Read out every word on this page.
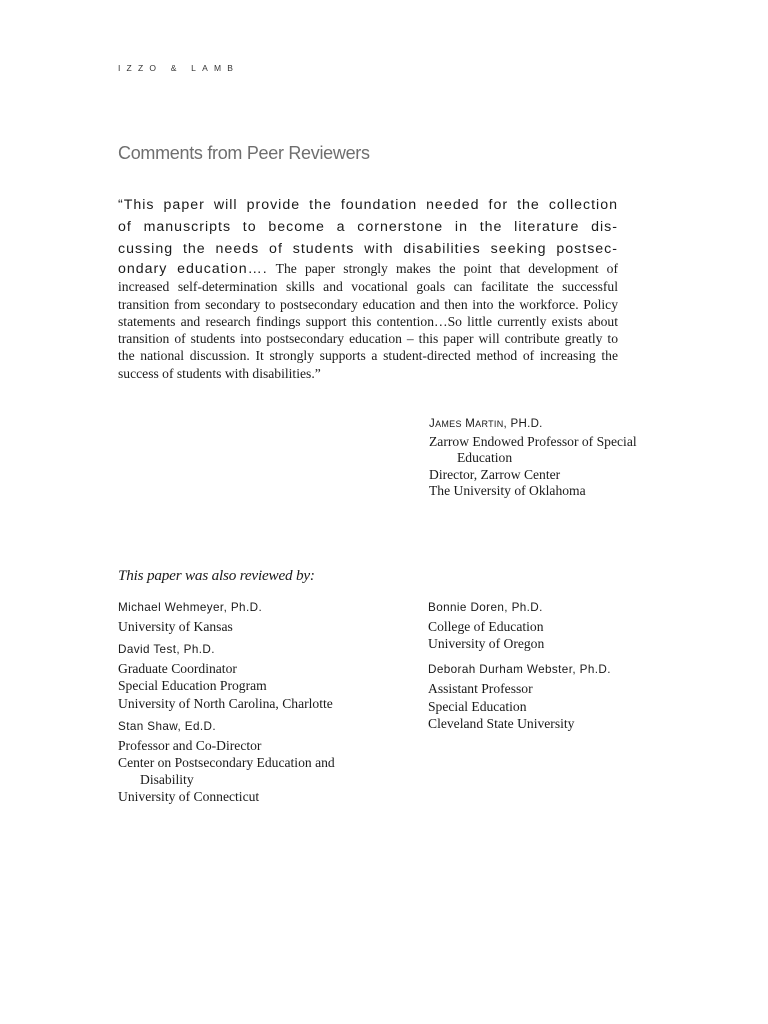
IZZO & LAMB
Comments from Peer Reviewers
“This paper will provide the foundation needed for the collection
of manuscripts to become a cornerstone in the literature dis-
cussing the needs of students with disabilities seeking postsec-
ondary education…. The paper strongly makes the point that development of increased self-determination skills and vocational goals can facilitate the successful transition from secondary to postsecondary education and then into the workforce. Policy statements and research findings support this contention…So little currently exists about transition of students into postsecondary education – this paper will contribute greatly to the national discussion. It strongly supports a student-directed method of increasing the success of students with disabilities.”
JAMES MARTIN, PH.D.
Zarrow Endowed Professor of Special
Education
Director, Zarrow Center
The University of Oklahoma
This paper was also reviewed by:
Michael Wehmeyer, Ph.D.
University of Kansas
David Test, Ph.D.
Graduate Coordinator
Special Education Program
University of North Carolina, Charlotte
Stan Shaw, Ed.D.
Professor and Co-Director
Center on Postsecondary Education and
Disability
University of Connecticut
Bonnie Doren, Ph.D.
College of Education
University of Oregon
Deborah Durham Webster, Ph.D.
Assistant Professor
Special Education
Cleveland State University
